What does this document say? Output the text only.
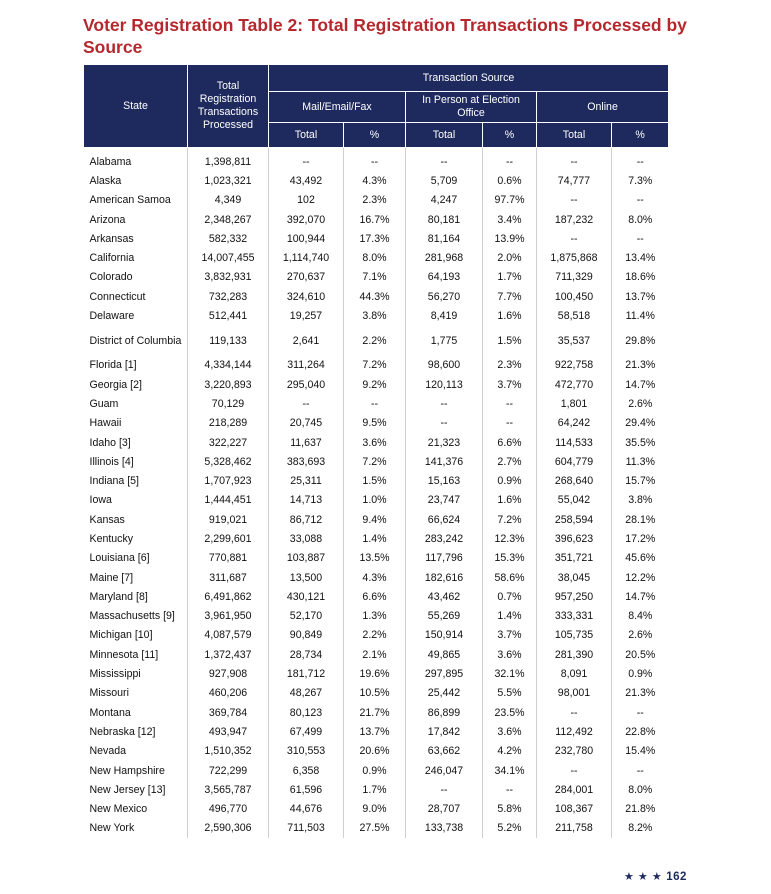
Voter Registration Table 2: Total Registration Transactions Processed by Source
State	Total Registration Transactions Processed	Transaction Source					
		Mail/Email/Fax		In Person at Election Office		Online	
		Total	%	Total	%	Total	%
Alabama	1,398,811	--	--	--	--	--	--
Alaska	1,023,321	43,492	4.3%	5,709	0.6%	74,777	7.3%
American Samoa	4,349	102	2.3%	4,247	97.7%	--	--
Arizona	2,348,267	392,070	16.7%	80,181	3.4%	187,232	8.0%
Arkansas	582,332	100,944	17.3%	81,164	13.9%	--	--
California	14,007,455	1,114,740	8.0%	281,968	2.0%	1,875,868	13.4%
Colorado	3,832,931	270,637	7.1%	64,193	1.7%	711,329	18.6%
Connecticut	732,283	324,610	44.3%	56,270	7.7%	100,450	13.7%
Delaware	512,441	19,257	3.8%	8,419	1.6%	58,518	11.4%
District of Columbia	119,133	2,641	2.2%	1,775	1.5%	35,537	29.8%
Florida [1]	4,334,144	311,264	7.2%	98,600	2.3%	922,758	21.3%
Georgia [2]	3,220,893	295,040	9.2%	120,113	3.7%	472,770	14.7%
Guam	70,129	--	--	--	--	1,801	2.6%
Hawaii	218,289	20,745	9.5%	--	--	64,242	29.4%
Idaho [3]	322,227	11,637	3.6%	21,323	6.6%	114,533	35.5%
Illinois [4]	5,328,462	383,693	7.2%	141,376	2.7%	604,779	11.3%
Indiana [5]	1,707,923	25,311	1.5%	15,163	0.9%	268,640	15.7%
Iowa	1,444,451	14,713	1.0%	23,747	1.6%	55,042	3.8%
Kansas	919,021	86,712	9.4%	66,624	7.2%	258,594	28.1%
Kentucky	2,299,601	33,088	1.4%	283,242	12.3%	396,623	17.2%
Louisiana [6]	770,881	103,887	13.5%	117,796	15.3%	351,721	45.6%
Maine [7]	311,687	13,500	4.3%	182,616	58.6%	38,045	12.2%
Maryland [8]	6,491,862	430,121	6.6%	43,462	0.7%	957,250	14.7%
Massachusetts [9]	3,961,950	52,170	1.3%	55,269	1.4%	333,331	8.4%
Michigan [10]	4,087,579	90,849	2.2%	150,914	3.7%	105,735	2.6%
Minnesota [11]	1,372,437	28,734	2.1%	49,865	3.6%	281,390	20.5%
Mississippi	927,908	181,712	19.6%	297,895	32.1%	8,091	0.9%
Missouri	460,206	48,267	10.5%	25,442	5.5%	98,001	21.3%
Montana	369,784	80,123	21.7%	86,899	23.5%	--	--
Nebraska [12]	493,947	67,499	13.7%	17,842	3.6%	112,492	22.8%
Nevada	1,510,352	310,553	20.6%	63,662	4.2%	232,780	15.4%
New Hampshire	722,299	6,358	0.9%	246,047	34.1%	--	--
New Jersey [13]	3,565,787	61,596	1.7%	--	--	284,001	8.0%
New Mexico	496,770	44,676	9.0%	28,707	5.8%	108,367	21.8%
New York	2,590,306	711,503	27.5%	133,738	5.2%	211,758	8.2%
★ ★ ★ 162
